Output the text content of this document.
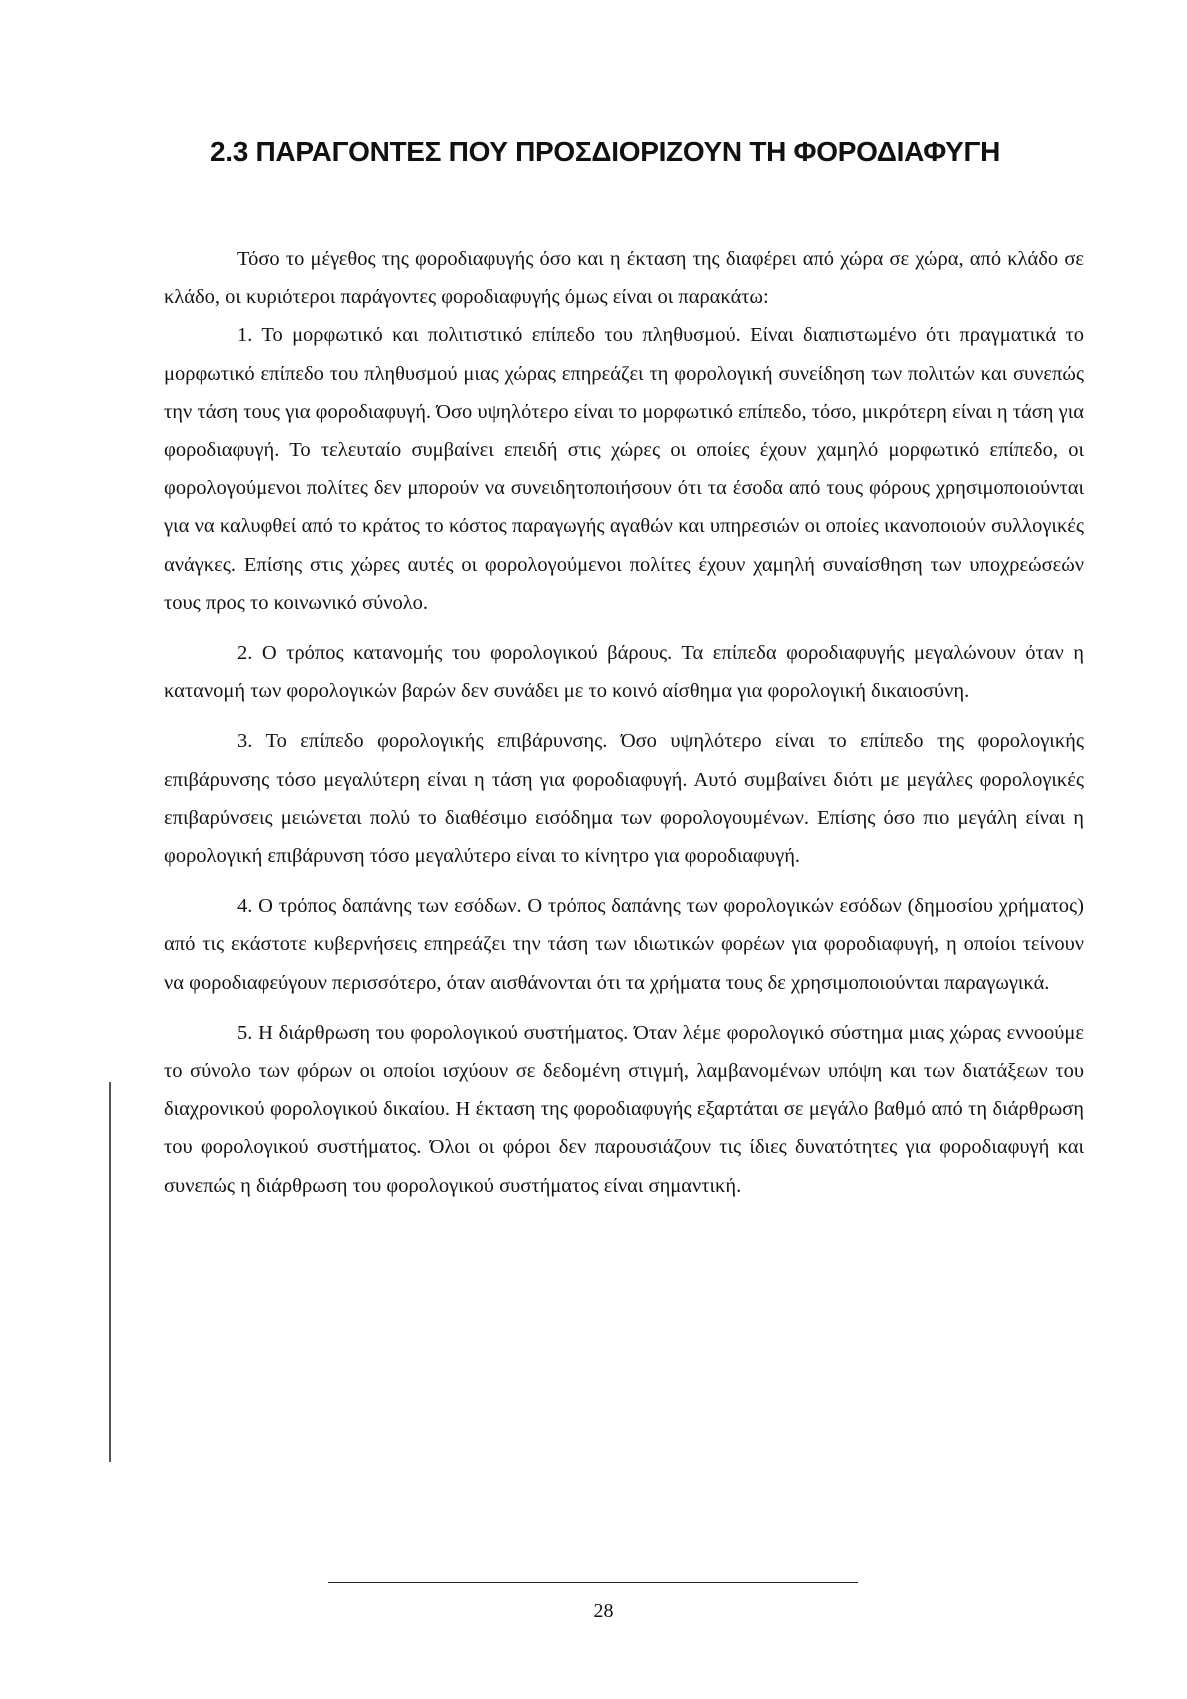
2.3 ΠΑΡΑΓΟΝΤΕΣ ΠΟΥ ΠΡΟΣΔΙΟΡΙΖΟΥΝ ΤΗ ΦΟΡΟΔΙΑΦΥΓΗ

Τόσο το μέγεθος της φοροδιαφυγής όσο και η έκταση της διαφέρει από χώρα σε χώρα, από κλάδο σε κλάδο, οι κυριότεροι παράγοντες φοροδιαφυγής όμως είναι οι παρακάτω:

1. Το μορφωτικό και πολιτιστικό επίπεδο του πληθυσμού. Είναι διαπιστωμένο ότι πραγματικά το μορφωτικό επίπεδο του πληθυσμού μιας χώρας επηρεάζει τη φορολογική συνείδηση των πολιτών και συνεπώς την τάση τους για φοροδιαφυγή. Όσο υψηλότερο είναι το μορφωτικό επίπεδο, τόσο, μικρότερη είναι η τάση για φοροδιαφυγή. Το τελευταίο συμβαίνει επειδή στις χώρες οι οποίες έχουν χαμηλό μορφωτικό επίπεδο, οι φορολογούμενοι πολίτες δεν μπορούν να συνειδητοποιήσουν ότι τα έσοδα από τους φόρους χρησιμοποιούνται για να καλυφθεί από το κράτος το κόστος παραγωγής αγαθών και υπηρεσιών οι οποίες ικανοποιούν συλλογικές ανάγκες. Επίσης στις χώρες αυτές οι φορολογούμενοι πολίτες έχουν χαμηλή συναίσθηση των υποχρεώσεών τους προς το κοινωνικό σύνολο.

2. Ο τρόπος κατανομής του φορολογικού βάρους. Τα επίπεδα φοροδιαφυγής μεγαλώνουν όταν η κατανομή των φορολογικών βαρών δεν συνάδει με το κοινό αίσθημα για φορολογική δικαιοσύνη.

3. Το επίπεδο φορολογικής επιβάρυνσης. Όσο υψηλότερο είναι το επίπεδο της φορολογικής επιβάρυνσης τόσο μεγαλύτερη είναι η τάση για φοροδιαφυγή. Αυτό συμβαίνει διότι με μεγάλες φορολογικές επιβαρύνσεις μειώνεται πολύ το διαθέσιμο εισόδημα των φορολογουμένων. Επίσης όσο πιο μεγάλη είναι η φορολογική επιβάρυνση τόσο μεγαλύτερο είναι το κίνητρο για φοροδιαφυγή.

4. Ο τρόπος δαπάνης των εσόδων. Ο τρόπος δαπάνης των φορολογικών εσόδων (δημοσίου χρήματος) από τις εκάστοτε κυβερνήσεις επηρεάζει την τάση των ιδιωτικών φορέων για φοροδιαφυγή, η οποίοι τείνουν να φοροδιαφεύγουν περισσότερο, όταν αισθάνονται ότι τα χρήματα τους δε χρησιμοποιούνται παραγωγικά.

5. Η διάρθρωση του φορολογικού συστήματος. Όταν λέμε φορολογικό σύστημα μιας χώρας εννοούμε το σύνολο των φόρων οι οποίοι ισχύουν σε δεδομένη στιγμή, λαμβανομένων υπόψη και των διατάξεων του διαχρονικού φορολογικού δικαίου. Η έκταση της φοροδιαφυγής εξαρτάται σε μεγάλο βαθμό από τη διάρθρωση του φορολογικού συστήματος. Όλοι οι φόροι δεν παρουσιάζουν τις ίδιες δυνατότητες για φοροδιαφυγή και συνεπώς η διάρθρωση του φορολογικού συστήματος είναι σημαντική.

28
